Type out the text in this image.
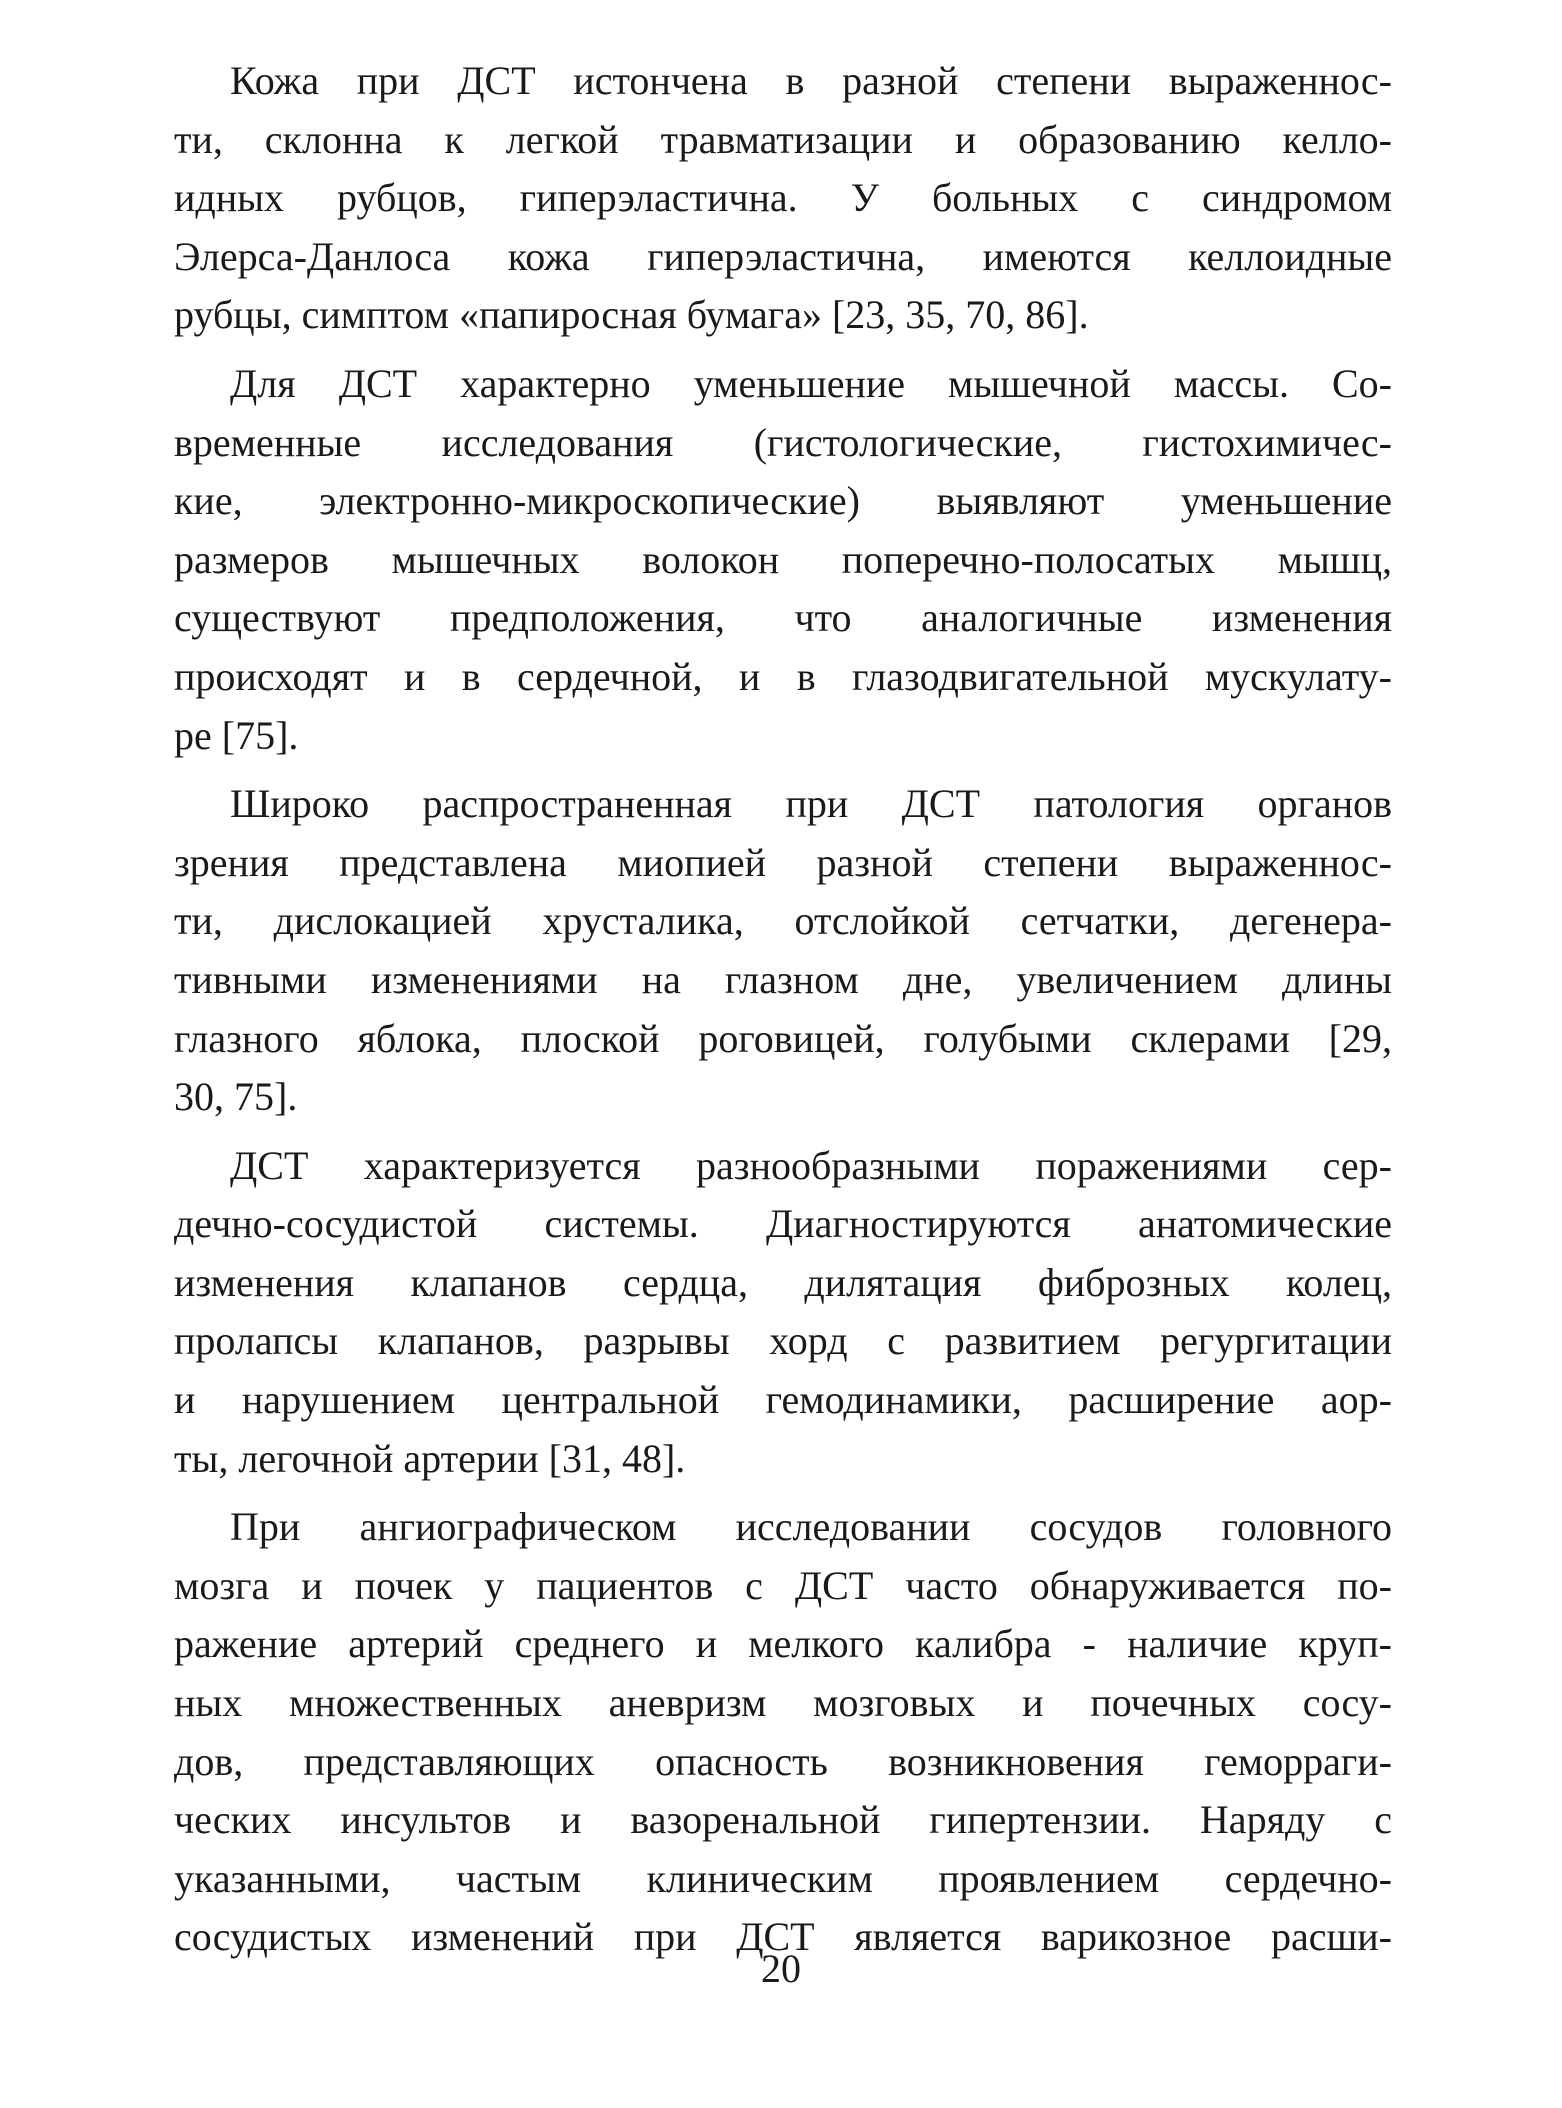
Кожа при ДСТ истончена в разной степени выраженнос-
ти, склонна к легкой травматизации и образованию келло-
идных рубцов, гиперэластична. У больных с синдромом
Элерса-Данлоса кожа гиперэластична, имеются келлоидные
рубцы, симптом «папиросная бумага» [23, 35, 70, 86].
Для ДСТ характерно уменьшение мышечной массы. Со-
временные исследования (гистологические, гистохимичес-
кие, электронно-микроскопические) выявляют уменьшение
размеров мышечных волокон поперечно-полосатых мышц,
существуют предположения, что аналогичные изменения
происходят и в сердечной, и в глазодвигательной мускулату-
ре [75].
Широко распространенная при ДСТ патология органов
зрения представлена миопией разной степени выраженнос-
ти, дислокацией хрусталика, отслойкой сетчатки, дегенера-
тивными изменениями на глазном дне, увеличением длины
глазного яблока, плоской роговицей, голубыми склерами [29,
30, 75].
ДСТ характеризуется разнообразными поражениями сер-
дечно-сосудистой системы. Диагностируются анатомические
изменения клапанов сердца, дилятация фиброзных колец,
пролапсы клапанов, разрывы хорд с развитием регургитации
и нарушением центральной гемодинамики, расширение аор-
ты, легочной артерии [31, 48].
При ангиографическом исследовании сосудов головного
мозга и почек у пациентов с ДСТ часто обнаруживается по-
ражение артерий среднего и мелкого калибра - наличие круп-
ных множественных аневризм мозговых и почечных сосу-
дов, представляющих опасность возникновения геморраги-
ческих инсультов и вазоренальной гипертензии. Наряду с
указанными, частым клиническим проявлением сердечно-
сосудистых изменений при ДСТ является варикозное расши-
20
